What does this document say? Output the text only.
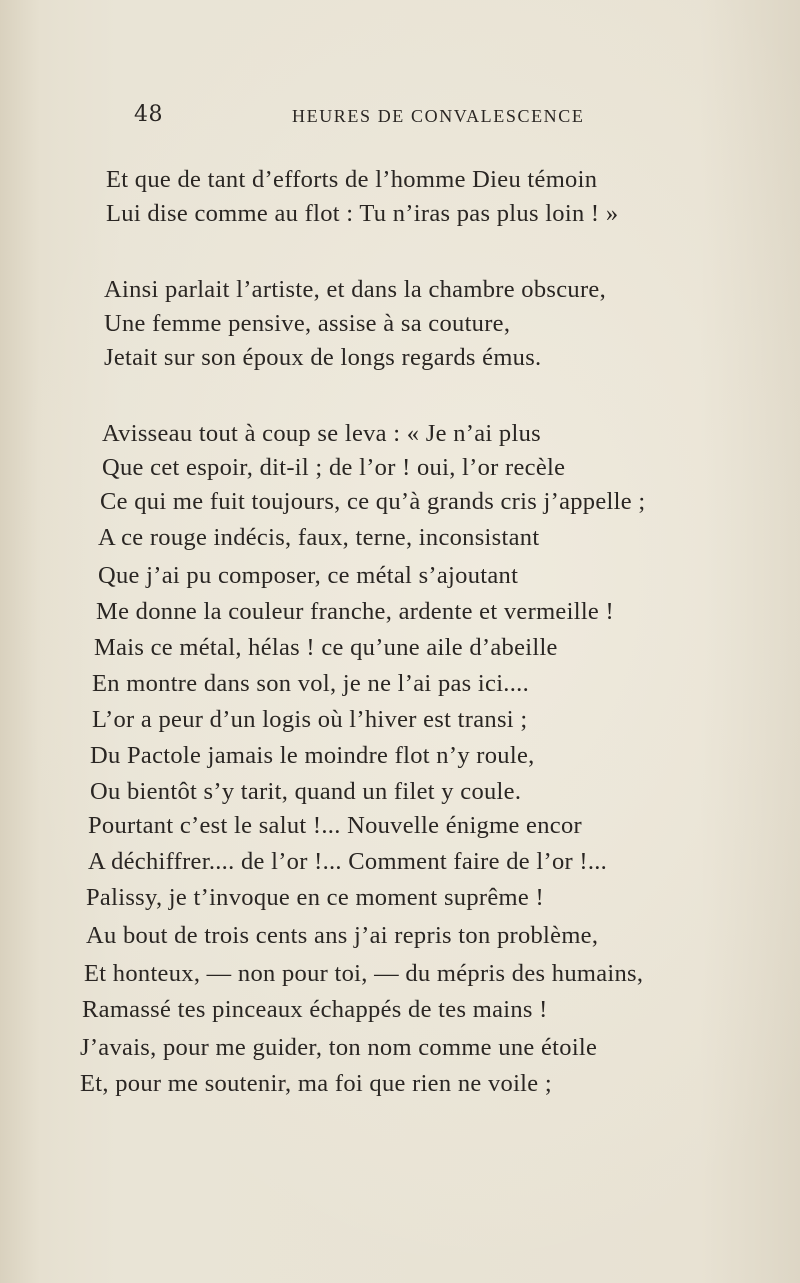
48	HEURES DE CONVALESCENCE
Et que de tant d’efforts de l’homme Dieu témoin
Lui dise comme au flot : Tu n’iras pas plus loin ! »
Ainsi parlait l’artiste, et dans la chambre obscure,
Une femme pensive, assise à sa couture,
Jetait sur son époux de longs regards émus.
Avisseau tout à coup se leva : « Je n’ai plus
Que cet espoir, dit-il ; de l’or ! oui, l’or recèle
Ce qui me fuit toujours, ce qu’à grands cris j’appelle ;
A ce rouge indécis, faux, terne, inconsistant
Que j’ai pu composer, ce métal s’ajoutant
Me donne la couleur franche, ardente et vermeille !
Mais ce métal, hélas ! ce qu’une aile d’abeille
En montre dans son vol, je ne l’ai pas ici....
L’or a peur d’un logis où l’hiver est transi ;
Du Pactole jamais le moindre flot n’y roule,
Ou bientôt s’y tarit, quand un filet y coule.
Pourtant c’est le salut !... Nouvelle énigme encor
A déchiffrer.... de l’or !... Comment faire de l’or !...
Palissy, je t’invoque en ce moment suprême !
Au bout de trois cents ans j’ai repris ton problème,
Et honteux, — non pour toi, — du mépris des humains,
Ramassé tes pinceaux échappés de tes mains !
J’avais, pour me guider, ton nom comme une étoile
Et, pour me soutenir, ma foi que rien ne voile ;
